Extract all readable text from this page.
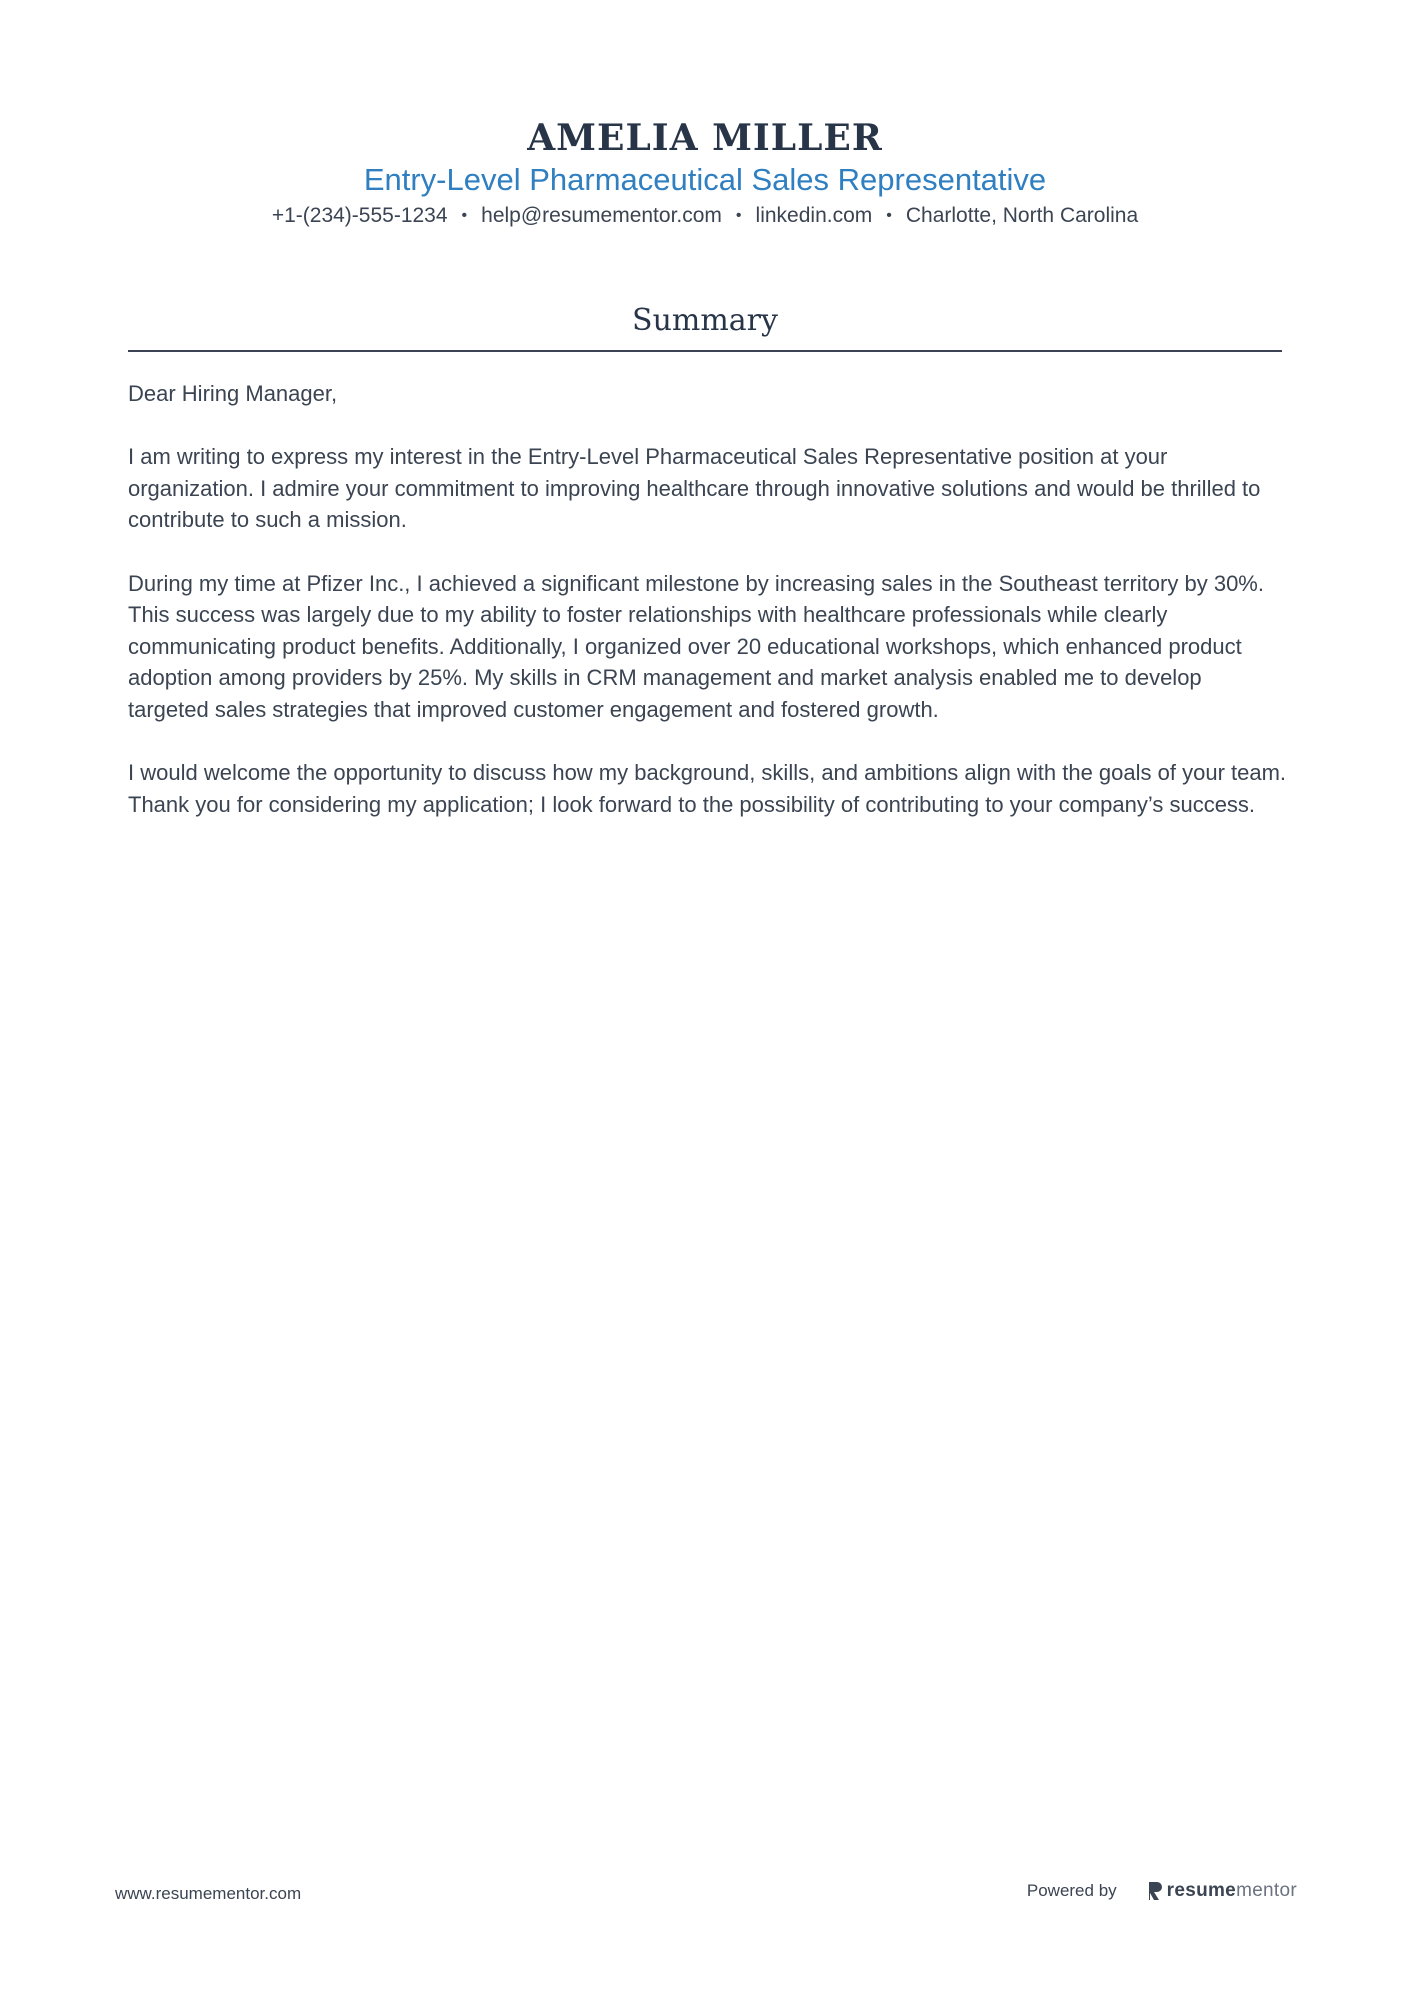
AMELIA MILLER
Entry-Level Pharmaceutical Sales Representative
+1-(234)-555-1234 • help@resumementor.com • linkedin.com • Charlotte, North Carolina
Summary

Dear Hiring Manager,

I am writing to express my interest in the Entry-Level Pharmaceutical Sales Representative position at your organization. I admire your commitment to improving healthcare through innovative solutions and would be thrilled to contribute to such a mission.

During my time at Pfizer Inc., I achieved a significant milestone by increasing sales in the Southeast territory by 30%. This success was largely due to my ability to foster relationships with healthcare professionals while clearly communicating product benefits. Additionally, I organized over 20 educational workshops, which enhanced product adoption among providers by 25%. My skills in CRM management and market analysis enabled me to develop targeted sales strategies that improved customer engagement and fostered growth.

I would welcome the opportunity to discuss how my background, skills, and ambitions align with the goals of your team. Thank you for considering my application; I look forward to the possibility of contributing to your company’s success.

www.resumementor.com	Powered by	resume mentor
